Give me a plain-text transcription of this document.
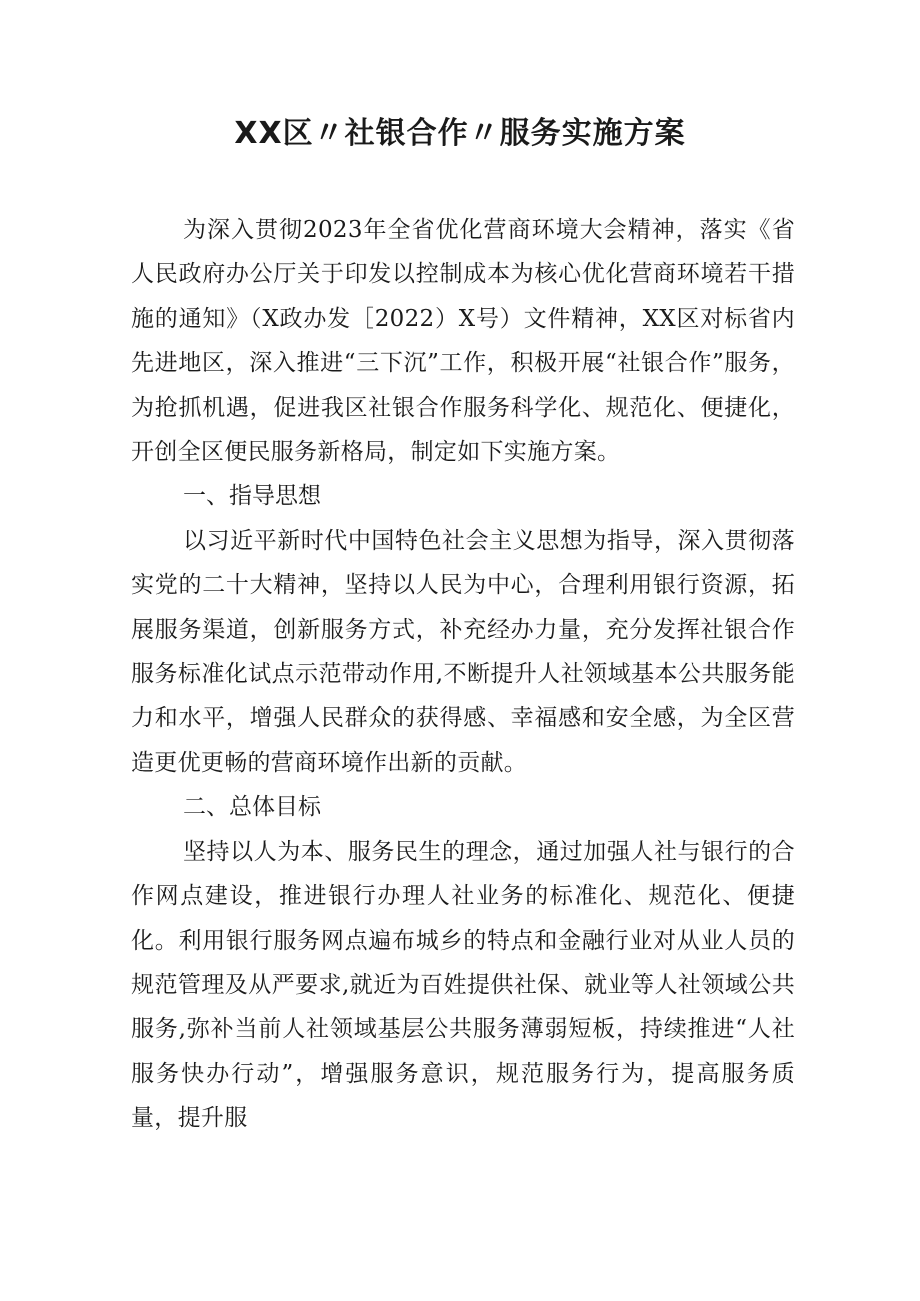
XX区〃社银合作〃服务实施方案

为深入贯彻2023年全省优化营商环境大会精神，落实《省人民政府办公厅关于印发以控制成本为核心优化营商环境若干措施的通知》（X政办发［2022）X号）文件精神，XX区对标省内先进地区，深入推进“三下沉”工作，积极开展“社银合作”服务，为抢抓机遇，促进我区社银合作服务科学化、规范化、便捷化，开创全区便民服务新格局，制定如下实施方案。

一、指导思想

以习近平新时代中国特色社会主义思想为指导，深入贯彻落实党的二十大精神，坚持以人民为中心，合理利用银行资源，拓展服务渠道，创新服务方式，补充经办力量，充分发挥社银合作服务标准化试点示范带动作用,不断提升人社领域基本公共服务能力和水平，增强人民群众的获得感、幸福感和安全感，为全区营造更优更畅的营商环境作出新的贡献。

二、总体目标

坚持以人为本、服务民生的理念，通过加强人社与银行的合作网点建设，推进银行办理人社业务的标准化、规范化、便捷化。利用银行服务网点遍布城乡的特点和金融行业对从业人员的规范管理及从严要求,就近为百姓提供社保、就业等人社领域公共服务,弥补当前人社领域基层公共服务薄弱短板，持续推进“人社服务快办行动”，增强服务意识，规范服务行为，提高服务质量，提升服
